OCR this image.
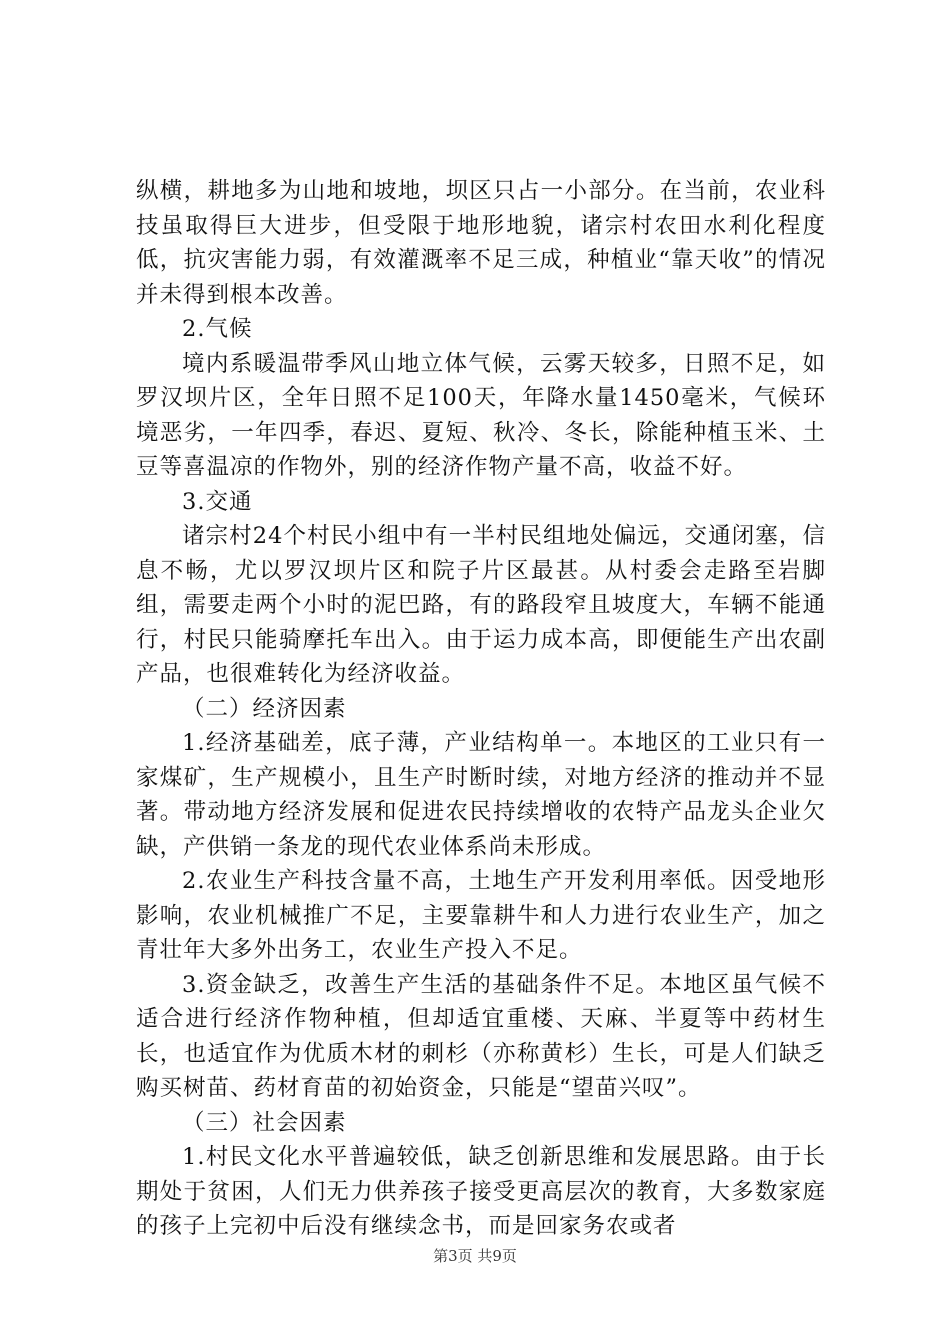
纵横，耕地多为山地和坡地，坝区只占一小部分。在当前，农业科技虽取得巨大进步，但受限于地形地貌，诸宗村农田水利化程度低，抗灾害能力弱，有效灌溉率不足三成，种植业“靠天收”的情况并未得到根本改善。

2.气候

境内系暖温带季风山地立体气候，云雾天较多，日照不足，如罗汉坝片区，全年日照不足100天，年降水量1450毫米，气候环境恶劣，一年四季，春迟、夏短、秋冷、冬长，除能种植玉米、土豆等喜温凉的作物外，别的经济作物产量不高，收益不好。

3.交通

诸宗村24个村民小组中有一半村民组地处偏远，交通闭塞，信息不畅，尤以罗汉坝片区和院子片区最甚。从村委会走路至岩脚组，需要走两个小时的泥巴路，有的路段窄且坡度大，车辆不能通行，村民只能骑摩托车出入。由于运力成本高，即便能生产出农副产品，也很难转化为经济收益。

（二）经济因素

1.经济基础差，底子薄，产业结构单一。本地区的工业只有一家煤矿，生产规模小，且生产时断时续，对地方经济的推动并不显著。带动地方经济发展和促进农民持续增收的农特产品龙头企业欠缺，产供销一条龙的现代农业体系尚未形成。

2.农业生产科技含量不高，土地生产开发利用率低。因受地形影响，农业机械推广不足，主要靠耕牛和人力进行农业生产，加之青壮年大多外出务工，农业生产投入不足。

3.资金缺乏，改善生产生活的基础条件不足。本地区虽气候不适合进行经济作物种植，但却适宜重楼、天麻、半夏等中药材生长，也适宜作为优质木材的刺杉（亦称黄杉）生长，可是人们缺乏购买树苗、药材育苗的初始资金，只能是“望苗兴叹”。

（三）社会因素

1.村民文化水平普遍较低，缺乏创新思维和发展思路。由于长期处于贫困，人们无力供养孩子接受更高层次的教育，大多数家庭的孩子上完初中后没有继续念书，而是回家务农或者

第3页 共9页
